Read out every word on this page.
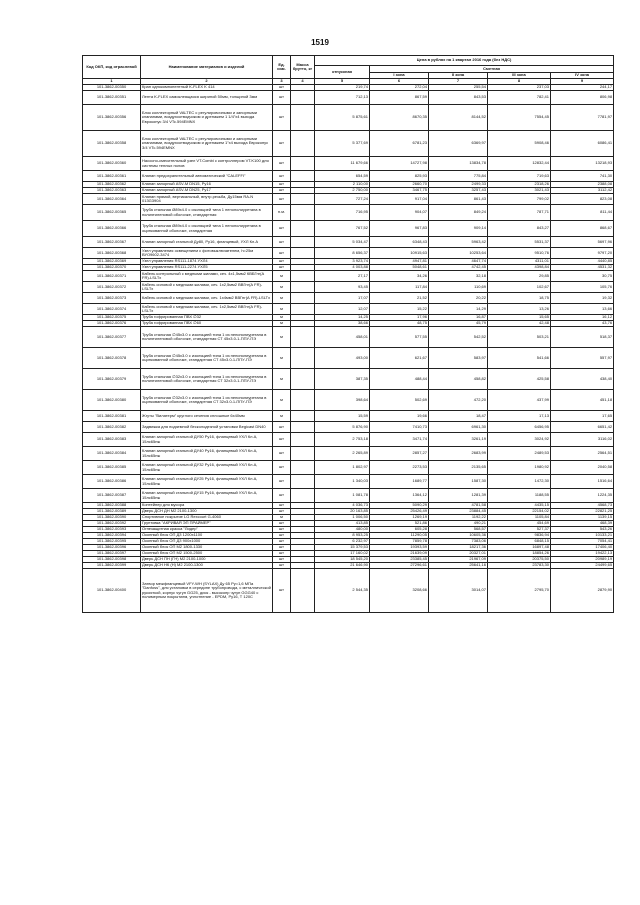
1519
Код ОКП, код отраслевой	Наименование материалов и изделий	Ед. изм.	Масса брутто, кг	Цена в рублях на 1 квартал 2016 года (без НДС)				
				отпускная	Сметная			
					I зона	II зона	III зона	IV зона
1	2	3	4	5	6	7	8	9
101-3862-00350	Кран однокомпонентный K-FLEX K 414	шт		219,74	272,04	255,54	237,03	244,17
101-3862-00351	Лента K-FLEX самоклеящаяся шириной 50мм, толщиной 3мм	шт		712,13	867,59	843,53	782,41	806,98
101-3862-00356	Блок коллекторный VALTEC с регулировочными и запорными клапанами, воздухоотводчиком и дренажем 1 1/4"х4 выхода Евроконус 3/4 VTc.594EMNX	шт		5 875,61	8670,35	8144,52	7554,45	7781,97
101-3862-00358	Блок коллекторный VALTEC с регулировочными и запорными клапанами, воздухоотводчиком и дренажем 1"х4 выхода Евроконус 3/4 VTc.594EMNX	шт		5 377,69	6781,23	6369,97	5908,46	6086,41
101-3862-00360	Насосно-смесительный узел VT.Combi с контроллером VT.K100 для системы теплых полов	шт		11 679,66	14727,98	13834,78	12832,44	13218,93
101-3862-00361	Клапан предохранительный автоматический "CALEFFI"	шт		654,59	825,93	775,84	719,63	741,30
101-3862-00362	Клапан запорный ASV-M DN15, Ру16	шт		2 110,00	2660,70	2499,33	2318,26	2388,08
101-3862-00363	Клапан запорный ASV-M DN25, Ру17	шт		2 750,00	3467,75	3257,43	3021,43	3112,42
101-3862-00364	Клапан прямой, вертикальный, внутр.резьба, Ду15мм RA-N 013G3904	шт		727,24	917,04	861,43	799,02	823,08
101-3862-00365	Труба стальная Ø89х4.0 с изоляцией типа 1 пенополиуретана в полиэтиленовой оболочке, стандартная	п.м.		716,95	904,07	849,24	787,71	811,44
101-3862-00366	Труба стальная Ø89х4.0 с изоляцией типа 1 пенополиуретана в оцинкованной оболочке, стандартная	шт		767,52	967,83	909,14	843,27	868,67
101-3862-00367	Клапан запорный стальной Ду80, Ру16, фланцевый, УХЛ Кл.А	шт		5 034,47	6348,43	5963,42	5531,37	5697,96
101-3862-00368	Узел управления освещением с фотовыключателем, h=25м ВУО9602-3474	шт		8 656,37	10915,63	10253,64	9510,76	9797,20
101-3862-00369	Узел управления RS111-1874 УХЛ4	шт		3 923,74	4947,81	4647,74	4311,01	4440,85
101-3862-00370	Узел управления RS111-2274 УХЛ5	шт		4 003,88	5048,61	4742,45	4398,84	4531,32
101-3862-00371	Кабель контрольный с медными жилами, сеч. 4х1,5мм2 КВБГнг(А FR)-LSLTx	м		27,17	34,26	32,18	29,85	30,75
101-3862-00372	Кабель силовой с медными жилами, сеч. 1х2,5мм2 ВВГнг(А FR)-LSLTx	м		93,45	117,84	110,69	102,67	105,76
101-3862-00373	Кабель силовой с медными жилами, сеч. 1х4мм2 ВВГнг(А FR)-LSLTx	м		17,07	21,52	20,22	18,75	19,32
101-3862-00374	Кабель силовой с медными жилами, сеч. 1х2,5мм2 ВВГнг(А FR)-LSLTx	м		12,07	15,22	14,29	13,26	13,66
101-3862-00375	Труба гофрированная ПВХ ∅32	м		14,25	17,96	16,87	15,65	16,12
101-3862-00376	Труба гофрированная ПВХ ∅60	м		38,66	48,75	45,79	42,48	43,76
101-3862-00377	Труба стальная ∅45х3.0 с изоляцией типа 1 из пенополиуретана в полиэтиленовой оболочке, стандартная СТ 45х3.0-1-ППУ-ПЭ	м		458,01	577,55	542,52	503,21	518,37
101-3862-00378	Труба стальная ∅45х3.0 с изоляцией типа 1 из пенополиуретана в оцинкованной оболочке, стандартная СТ 45х3.0-1-ППУ-ПЭ	м		493,00	621,67	583,97	541,66	557,97
101-3862-00379	Труба стальная ∅32х3.0 с изоляцией типа 1 из пенополиуретана в полиэтиленовой оболочке, стандартная СТ 32х3.0-1-ППУ-ПЭ	м		387,35	488,44	458,82	425,58	438,40
101-3862-00380	Труба стальная ∅32х3.0 с изоляцией типа 1 из пенополиуретана в оцинкованной оболочке, стандартная СТ 32х3.0-1-ППУ-ПЭ	м		398,64	502,69	472,20	437,99	451,18
101-3862-00381	Жгуты "Вилатерм" круглого сечения сплошные 6х40мм	м		15,59	19,66	18,47	17,13	17,65
101-3862-00382	Задвижка для подземной бесколодезной установки Begicast DN40	шт		5 876,90	7410,73	6961,30	6456,95	6651,42
101-3862-00383	Клапан запорный стальной ДУ50 Ру16, фланцевый УХЛ Кл.А, 15лс65нж	шт		2 753,18	3471,74	3261,19	3024,92	3116,02
101-3862-00384	Клапан запорный стальной ДУ40 Ру16, фланцевый УХЛ Кл.А, 15лс65нж	шт		2 265,89	2857,27	2683,99	2489,53	2564,51
101-3862-00385	Клапан запорный стальной ДУ32 Ру16, фланцевый УХЛ Кл.А, 15лс65нж	шт		1 802,97	2273,53	2135,65	1980,92	2040,58
101-3862-00386	Клапан запорный стальной ДУ25 Ру16, фланцевый УХЛ Кл.А, 15лс65нж	шт		1 340,03	1689,77	1587,30	1472,30	1516,64
101-3862-00387	Клапан запорный стальной ДУ15 Ру16, фланцевый УХЛ Кл.А, 15лс65нж	шт		1 081,78	1364,12	1281,39	1188,55	1224,35
101-3862-00388	Контейнер для мусора	шт		4 036,73	5090,29	4781,58	4435,15	4568,73
101-3862-00389	Дверь ДСН ДН М2 2100-1300	шт		20 163,85	25426,49	23884,45	22154,02	22821,25
101-3862-00390	Спортивное покрытие LG Rexcourt G-4060	м		1 006,50	1269,19	1192,22	1105,84	1139,15
101-3862-00392	Грунтовка "АКРИВАЯ ЭП ПРАЙМЕР"	шт		413,85	521,86	490,21	454,69	468,39
101-3862-00393	Огнезащитная краска "Лидер"	шт		480,00	605,28	568,57	527,37	543,26
101-3862-00394	Оконный блок ОП ДЗ 1200х1100	шт		8 953,25	11290,05	10605,36	9836,94	10133,21
101-3862-00395	Оконный блок ОП ДЗ 900х1000	шт		6 232,97	7859,78	7383,06	6848,15	7054,41
101-3862-00396	Оконный блок ОП М2 1800-1330	шт		15 379,53	19393,59	18217,36	16897,48	17406,40
101-3862-00397	Оконный блок ОП М2 1500-2500	шт		17 160,02	21639,09	20327,01	18854,26	19422,13
101-3862-00398	Дверь ДСН ПН (ГН) М2 2100-1000	шт		18 545,20	23385,45	21967,09	20375,50	20989,19
101-3862-00399	Дверь ДСН НК (Н) М2 2100-1300	шт		21 646,90	27296,61	25641,16	23783,30	24499,65
101-3862-00400	Затвор межфланцевый VFY-WH (SYLAX) Ду 65 Ру=1,6 МПа "Danfoss", для установки в середине трубопровода, с металлической рукояткой, корпус чугун GG25, диск - высокопр чугун GGG40 с полимерным покрытием, уплотнение - EPDM, Ру16, Т 120С	шт		2 544,35	3208,66	3014,07	2795,70	2879,90
